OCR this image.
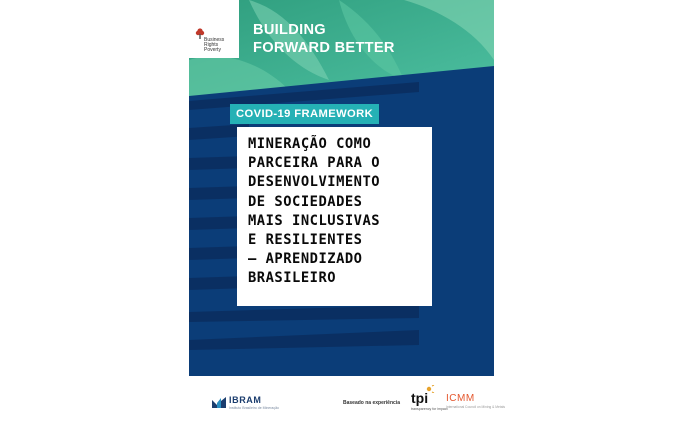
Business
Rights
Poverty
BUILDING
FORWARD BETTER
COVID-19 FRAMEWORK
MINERAÇÃO COMO
PARCEIRA PARA O
DESENVOLVIMENTO
DE SOCIEDADES
MAIS INCLUSIVAS
E RESILIENTES
– APRENDIZADO
BRASILEIRO
IBRAM
Instituto Brasileiro de Mineração
Baseado na experiência tpi
transparency for impact
ICMM
International Council on Mining & Metals
